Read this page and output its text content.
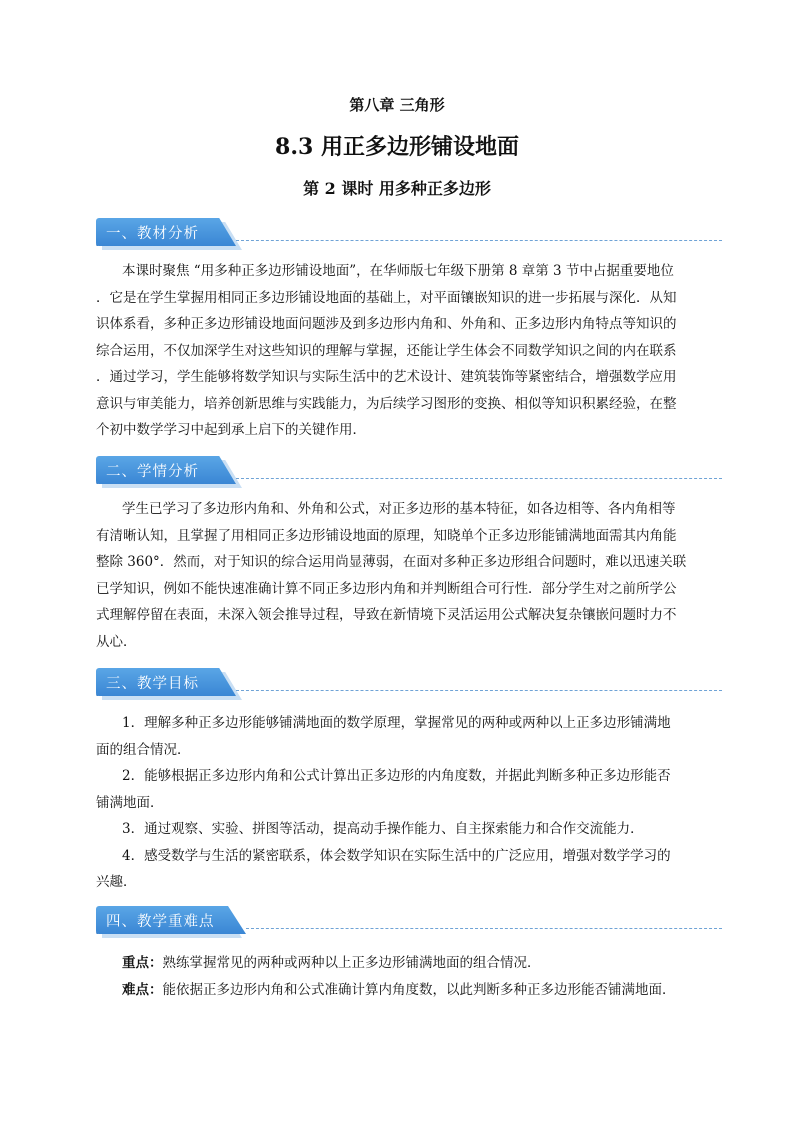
第八章 三角形
8.3 用正多边形铺设地面
第 2 课时 用多种正多边形
一、教材分析
本课时聚焦 “用多种正多边形铺设地面”，在华师版七年级下册第 8 章第 3 节中占据重要地位
．它是在学生掌握用相同正多边形铺设地面的基础上，对平面镶嵌知识的进一步拓展与深化．从知
识体系看，多种正多边形铺设地面问题涉及到多边形内角和、外角和、正多边形内角特点等知识的
综合运用，不仅加深学生对这些知识的理解与掌握，还能让学生体会不同数学知识之间的内在联系
．通过学习，学生能够将数学知识与实际生活中的艺术设计、建筑装饰等紧密结合，增强数学应用
意识与审美能力，培养创新思维与实践能力，为后续学习图形的变换、相似等知识积累经验，在整
个初中数学学习中起到承上启下的关键作用．
二、学情分析
学生已学习了多边形内角和、外角和公式，对正多边形的基本特征，如各边相等、各内角相等
有清晰认知，且掌握了用相同正多边形铺设地面的原理，知晓单个正多边形能铺满地面需其内角能
整除 360°．然而，对于知识的综合运用尚显薄弱，在面对多种正多边形组合问题时，难以迅速关联
已学知识，例如不能快速准确计算不同正多边形内角和并判断组合可行性．部分学生对之前所学公
式理解停留在表面，未深入领会推导过程，导致在新情境下灵活运用公式解决复杂镶嵌问题时力不
从心．
三、教学目标
1．理解多种正多边形能够铺满地面的数学原理，掌握常见的两种或两种以上正多边形铺满地
面的组合情况．
2．能够根据正多边形内角和公式计算出正多边形的内角度数，并据此判断多种正多边形能否
铺满地面．
3．通过观察、实验、拼图等活动，提高动手操作能力、自主探索能力和合作交流能力．
4．感受数学与生活的紧密联系，体会数学知识在实际生活中的广泛应用，增强对数学学习的
兴趣．
四、教学重难点
重点：熟练掌握常见的两种或两种以上正多边形铺满地面的组合情况．
难点：能依据正多边形内角和公式准确计算内角度数，以此判断多种正多边形能否铺满地面．
